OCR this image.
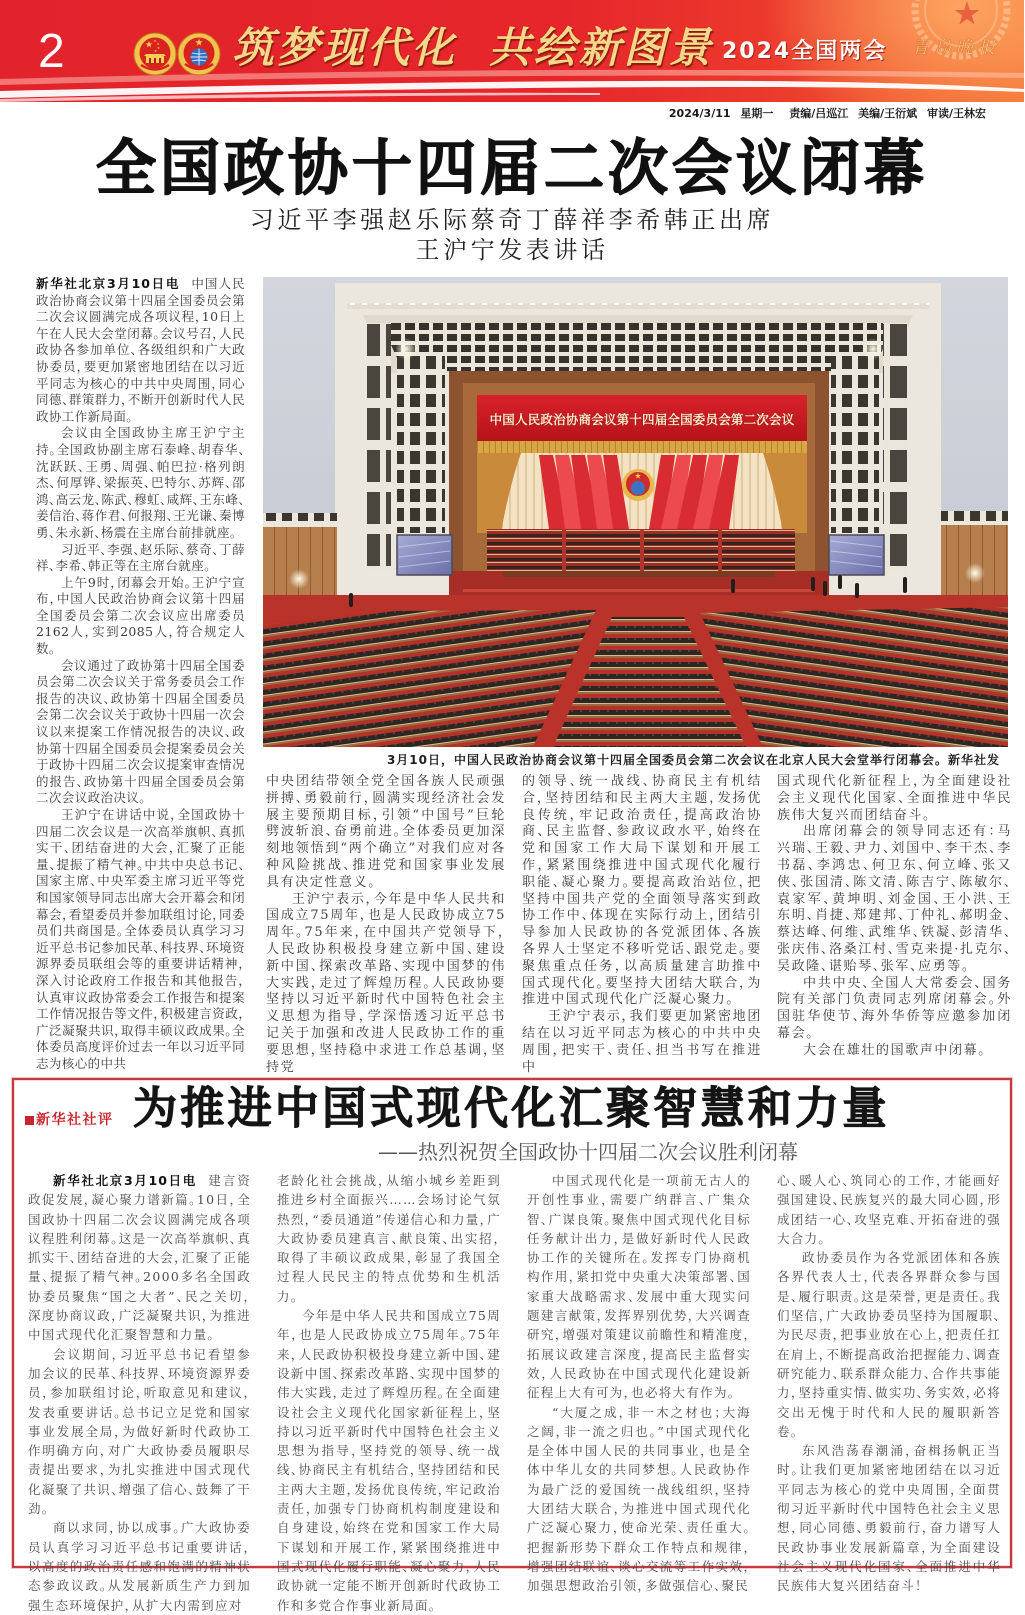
2	筑梦现代化 共绘新图景 2024全国两会 青岛晚报
2024/3/11 星期一 责编/吕巡江 美编/王衍斌 审读/王林宏
全国政协十四届二次会议闭幕
习近平李强赵乐际蔡奇丁薛祥李希韩正出席
王沪宁发表讲话

新华社北京3月10日电 中国人民政治协商会议第十四届全国委员会第二次会议圆满完成各项议程，10日上午在人民大会堂闭幕。会议号召，人民政协各参加单位、各级组织和广大政协委员，要更加紧密地团结在以习近平同志为核心的中共中央周围，同心同德、群策群力，不断开创新时代人民政协工作新局面。

会议由全国政协主席王沪宁主持。全国政协副主席石泰峰、胡春华、沈跃跃、王勇、周强、帕巴拉·格列朗杰、何厚铧、梁振英、巴特尔、苏辉、邵鸿、高云龙、陈武、穆虹、咸辉、王东峰、姜信治、蒋作君、何报翔、王光谦、秦博勇、朱永新、杨震在主席台前排就座。

习近平、李强、赵乐际、蔡奇、丁薛祥、李希、韩正等在主席台就座。

上午9时，闭幕会开始。王沪宁宣布，中国人民政治协商会议第十四届全国委员会第二次会议应出席委员2162人，实到2085人，符合规定人数。

会议通过了政协第十四届全国委员会第二次会议关于常务委员会工作报告的决议、政协第十四届全国委员会第二次会议关于政协十四届一次会议以来提案工作情况报告的决议、政协第十四届全国委员会提案委员会关于政协十四届二次会议提案审查情况的报告、政协第十四届全国委员会第二次会议政治决议。

王沪宁在讲话中说，全国政协十四届二次会议是一次高举旗帜、真抓实干、团结奋进的大会，汇聚了正能量、提振了精气神。中共中央总书记、国家主席、中央军委主席习近平等党和国家领导同志出席大会开幕会和闭幕会，看望委员并参加联组讨论，同委员们共商国是。全体委员认真学习习近平总书记参加民革、科技界、环境资源界委员联组会等的重要讲话精神，深入讨论政府工作报告和其他报告，认真审议政协常委会工作报告和提案工作情况报告等文件，积极建言资政，广泛凝聚共识，取得丰硕议政成果。全体委员高度评价过去一年以习近平同志为核心的中共

中国人民政治协商会议第十四届全国委员会第二次会议
3月10日，中国人民政治协商会议第十四届全国委员会第二次会议在北京人民大会堂举行闭幕会。新华社发

中央团结带领全党全国各族人民顽强拼搏、勇毅前行，圆满实现经济社会发展主要预期目标，引领“中国号”巨轮劈波斩浪、奋勇前进。全体委员更加深刻地领悟到“两个确立”对我们应对各种风险挑战、推进党和国家事业发展具有决定性意义。

王沪宁表示，今年是中华人民共和国成立75周年，也是人民政协成立75周年。75年来，在中国共产党领导下，人民政协积极投身建立新中国、建设新中国、探索改革路、实现中国梦的伟大实践，走过了辉煌历程。人民政协要坚持以习近平新时代中国特色社会主义思想为指导，学深悟透习近平总书记关于加强和改进人民政协工作的重要思想，坚持稳中求进工作总基调，坚持党

的领导、统一战线、协商民主有机结合，坚持团结和民主两大主题，发扬优良传统，牢记政治责任，提高政治协商、民主监督、参政议政水平，始终在党和国家工作大局下谋划和开展工作，紧紧围绕推进中国式现代化履行职能、凝心聚力。要提高政治站位，把坚持中国共产党的全面领导落实到政协工作中、体现在实际行动上，团结引导参加人民政协的各党派团体、各族各界人士坚定不移听党话、跟党走。要聚焦重点任务，以高质量建言助推中国式现代化。要坚持大团结大联合，为推进中国式现代化广泛凝心聚力。

王沪宁表示，我们要更加紧密地团结在以习近平同志为核心的中共中央周围，把实干、责任、担当书写在推进中

国式现代化新征程上，为全面建设社会主义现代化国家、全面推进中华民族伟大复兴而团结奋斗。

出席闭幕会的领导同志还有：马兴瑞、王毅、尹力、刘国中、李干杰、李书磊、李鸿忠、何卫东、何立峰、张又侠、张国清、陈文清、陈吉宁、陈敏尔、袁家军、黄坤明、刘金国、王小洪、王东明、肖捷、郑建邦、丁仲礼、郝明金、蔡达峰、何维、武维华、铁凝、彭清华、张庆伟、洛桑江村、雪克来提·扎克尔、吴政隆、谌贻琴、张军、应勇等。

中共中央、全国人大常委会、国务院有关部门负责同志列席闭幕会。外国驻华使节、海外华侨等应邀参加闭幕会。

大会在雄壮的国歌声中闭幕。

新华社社评 为推进中国式现代化汇聚智慧和力量
——热烈祝贺全国政协十四届二次会议胜利闭幕

新华社北京3月10日电 建言资政促发展，凝心聚力谱新篇。10日，全国政协十四届二次会议圆满完成各项议程胜利闭幕。这是一次高举旗帜、真抓实干、团结奋进的大会，汇聚了正能量、提振了精气神。2000多名全国政协委员聚焦“国之大者”、民之关切，深度协商议政，广泛凝聚共识，为推进中国式现代化汇聚智慧和力量。

会议期间，习近平总书记看望参加会议的民革、科技界、环境资源界委员，参加联组讨论，听取意见和建议，发表重要讲话。总书记立足党和国家事业发展全局，为做好新时代政协工作明确方向，对广大政协委员履职尽责提出要求，为扎实推进中国式现代化凝聚了共识、增强了信心、鼓舞了干劲。

商以求同，协以成事。广大政协委员认真学习习近平总书记重要讲话，以高度的政治责任感和饱满的精神状态参政议政。从发展新质生产力到加强生态环境保护，从扩大内需到应对

老龄化社会挑战，从缩小城乡差距到推进乡村全面振兴……会场讨论气氛热烈，“委员通道”传递信心和力量，广大政协委员建真言、献良策、出实招，取得了丰硕议政成果，彰显了我国全过程人民民主的特点优势和生机活力。

今年是中华人民共和国成立75周年，也是人民政协成立75周年。75年来，人民政协积极投身建立新中国、建设新中国、探索改革路、实现中国梦的伟大实践，走过了辉煌历程。在全面建设社会主义现代化国家新征程上，坚持以习近平新时代中国特色社会主义思想为指导，坚持党的领导、统一战线、协商民主有机结合，坚持团结和民主两大主题，发扬优良传统，牢记政治责任，加强专门协商机构制度建设和自身建设，始终在党和国家工作大局下谋划和开展工作，紧紧围绕推进中国式现代化履行职能、凝心聚力，人民政协就一定能不断开创新时代政协工作和多党合作事业新局面。

中国式现代化是一项前无古人的开创性事业，需要广纳群言、广集众智、广谋良策。聚焦中国式现代化目标任务献计出力，是做好新时代人民政协工作的关键所在。发挥专门协商机构作用，紧扣党中央重大决策部署、国家重大战略需求、发展中重大现实问题建言献策，发挥界别优势，大兴调查研究，增强对策建议前瞻性和精准度，拓展议政建言深度，提高民主监督实效，人民政协在中国式现代化建设新征程上大有可为，也必将大有作为。

“大厦之成，非一木之材也；大海之阔，非一流之归也。”中国式现代化是全体中国人民的共同事业，也是全体中华儿女的共同梦想。人民政协作为最广泛的爱国统一战线组织，坚持大团结大联合，为推进中国式现代化广泛凝心聚力，使命光荣、责任重大。把握新形势下群众工作特点和规律，增强团结联谊、谈心交流等工作实效，加强思想政治引领，多做强信心、聚民

心、暖人心、筑同心的工作，才能画好强国建设、民族复兴的最大同心圆，形成团结一心、攻坚克难、开拓奋进的强大合力。

政协委员作为各党派团体和各族各界代表人士，代表各界群众参与国是、履行职责。这是荣誉，更是责任。我们坚信，广大政协委员坚持为国履职、为民尽责，把事业放在心上，把责任扛在肩上，不断提高政治把握能力、调查研究能力、联系群众能力、合作共事能力，坚持重实情、做实功、务实效，必将交出无愧于时代和人民的履职新答卷。

东风浩荡春潮涌，奋楫扬帆正当时。让我们更加紧密地团结在以习近平同志为核心的党中央周围，全面贯彻习近平新时代中国特色社会主义思想，同心同德、勇毅前行，奋力谱写人民政协事业发展新篇章，为全面建设社会主义现代化国家、全面推进中华民族伟大复兴团结奋斗！
